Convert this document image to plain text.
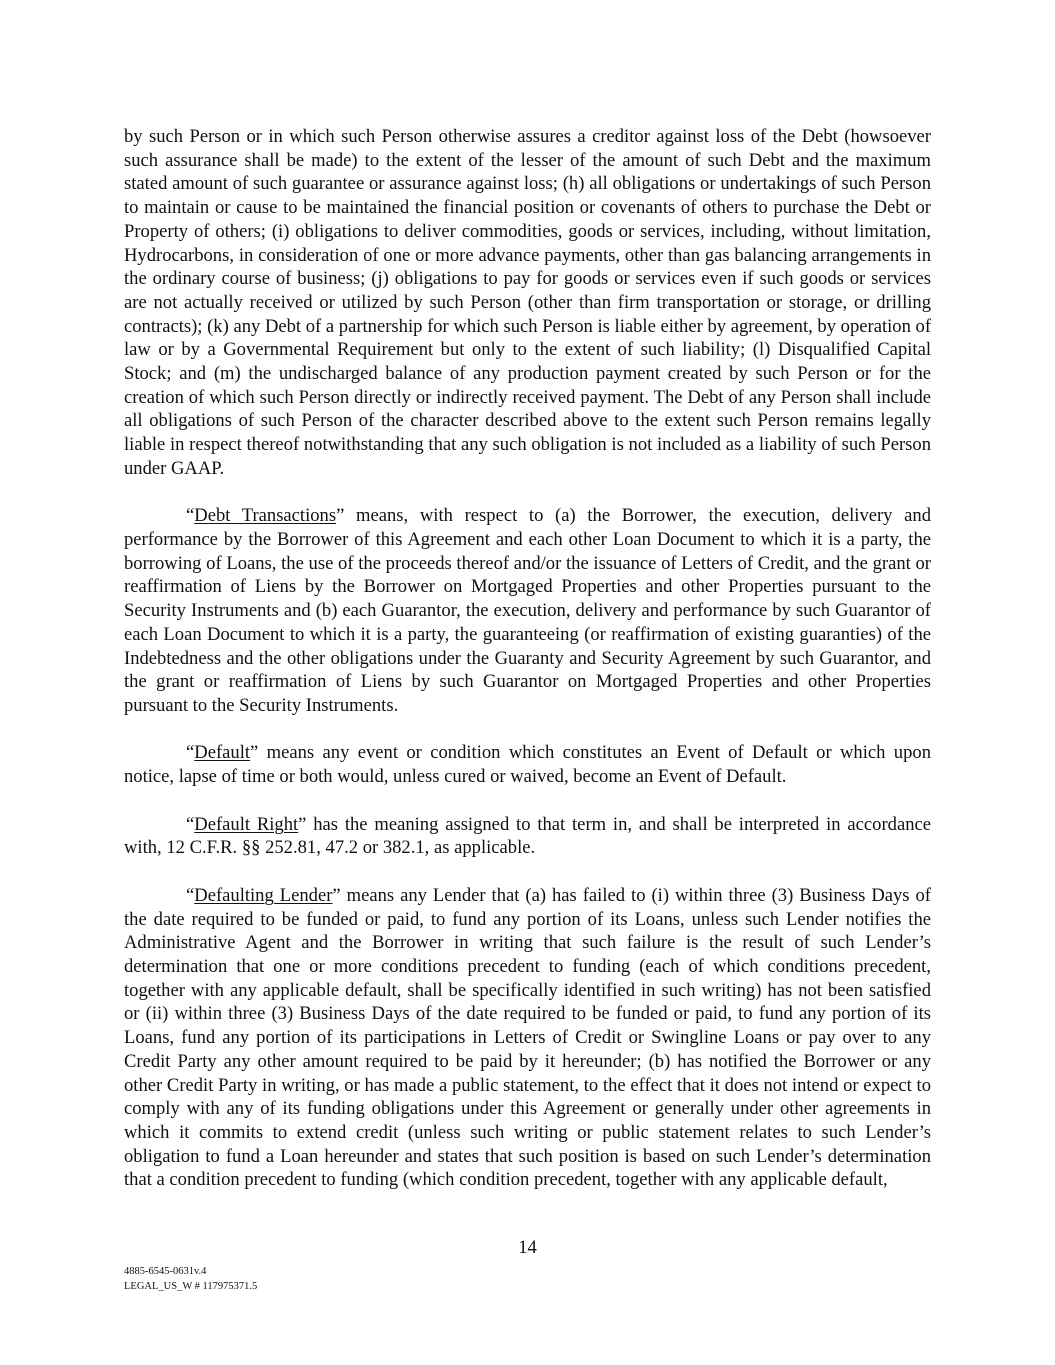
by such Person or in which such Person otherwise assures a creditor against loss of the Debt (howsoever such assurance shall be made) to the extent of the lesser of the amount of such Debt and the maximum stated amount of such guarantee or assurance against loss; (h) all obligations or undertakings of such Person to maintain or cause to be maintained the financial position or covenants of others to purchase the Debt or Property of others; (i) obligations to deliver commodities, goods or services, including, without limitation, Hydrocarbons, in consideration of one or more advance payments, other than gas balancing arrangements in the ordinary course of business; (j) obligations to pay for goods or services even if such goods or services are not actually received or utilized by such Person (other than firm transportation or storage, or drilling contracts); (k) any Debt of a partnership for which such Person is liable either by agreement, by operation of law or by a Governmental Requirement but only to the extent of such liability; (l) Disqualified Capital Stock; and (m) the undischarged balance of any production payment created by such Person or for the creation of which such Person directly or indirectly received payment. The Debt of any Person shall include all obligations of such Person of the character described above to the extent such Person remains legally liable in respect thereof notwithstanding that any such obligation is not included as a liability of such Person under GAAP.

“Debt Transactions” means, with respect to (a) the Borrower, the execution, delivery and performance by the Borrower of this Agreement and each other Loan Document to which it is a party, the borrowing of Loans, the use of the proceeds thereof and/or the issuance of Letters of Credit, and the grant or reaffirmation of Liens by the Borrower on Mortgaged Properties and other Properties pursuant to the Security Instruments and (b) each Guarantor, the execution, delivery and performance by such Guarantor of each Loan Document to which it is a party, the guaranteeing (or reaffirmation of existing guaranties) of the Indebtedness and the other obligations under the Guaranty and Security Agreement by such Guarantor, and the grant or reaffirmation of Liens by such Guarantor on Mortgaged Properties and other Properties pursuant to the Security Instruments.

“Default” means any event or condition which constitutes an Event of Default or which upon notice, lapse of time or both would, unless cured or waived, become an Event of Default.

“Default Right” has the meaning assigned to that term in, and shall be interpreted in accordance with, 12 C.F.R. §§ 252.81, 47.2 or 382.1, as applicable.

“Defaulting Lender” means any Lender that (a) has failed to (i) within three (3) Business Days of the date required to be funded or paid, to fund any portion of its Loans, unless such Lender notifies the Administrative Agent and the Borrower in writing that such failure is the result of such Lender’s determination that one or more conditions precedent to funding (each of which conditions precedent, together with any applicable default, shall be specifically identified in such writing) has not been satisfied or (ii) within three (3) Business Days of the date required to be funded or paid, to fund any portion of its Loans, fund any portion of its participations in Letters of Credit or Swingline Loans or pay over to any Credit Party any other amount required to be paid by it hereunder; (b) has notified the Borrower or any other Credit Party in writing, or has made a public statement, to the effect that it does not intend or expect to comply with any of its funding obligations under this Agreement or generally under other agreements in which it commits to extend credit (unless such writing or public statement relates to such Lender’s obligation to fund a Loan hereunder and states that such position is based on such Lender’s determination that a condition precedent to funding (which condition precedent, together with any applicable default,

14
4885-6545-0631v.4
LEGAL_US_W # 117975371.5
